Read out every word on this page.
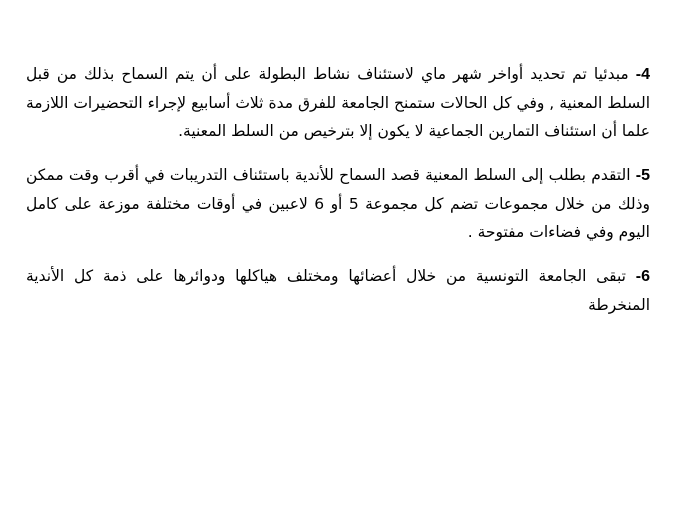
4- مبدئيا تم تحديد أواخر شهر ماي لاستئناف نشاط البطولة على أن يتم السماح بذلك من قبل السلط المعنية , وفي كل الحالات ستمنح الجامعة للفرق مدة ثلاث أسابيع لإجراء التحضيرات اللازمة علما أن استئناف التمارين الجماعية لا يكون إلا بترخيص من السلط المعنية.

5- التقدم بطلب إلى السلط المعنية قصد السماح للأندية باستئناف التدريبات في أقرب وقت ممكن وذلك من خلال مجموعات تضم كل مجموعة 5 أو 6 لاعبين في أوقات مختلفة موزعة على كامل اليوم وفي فضاءات مفتوحة .

6- تبقى الجامعة التونسية من خلال أعضائها ومختلف هياكلها ودوائرها على ذمة كل الأندية المنخرطة
